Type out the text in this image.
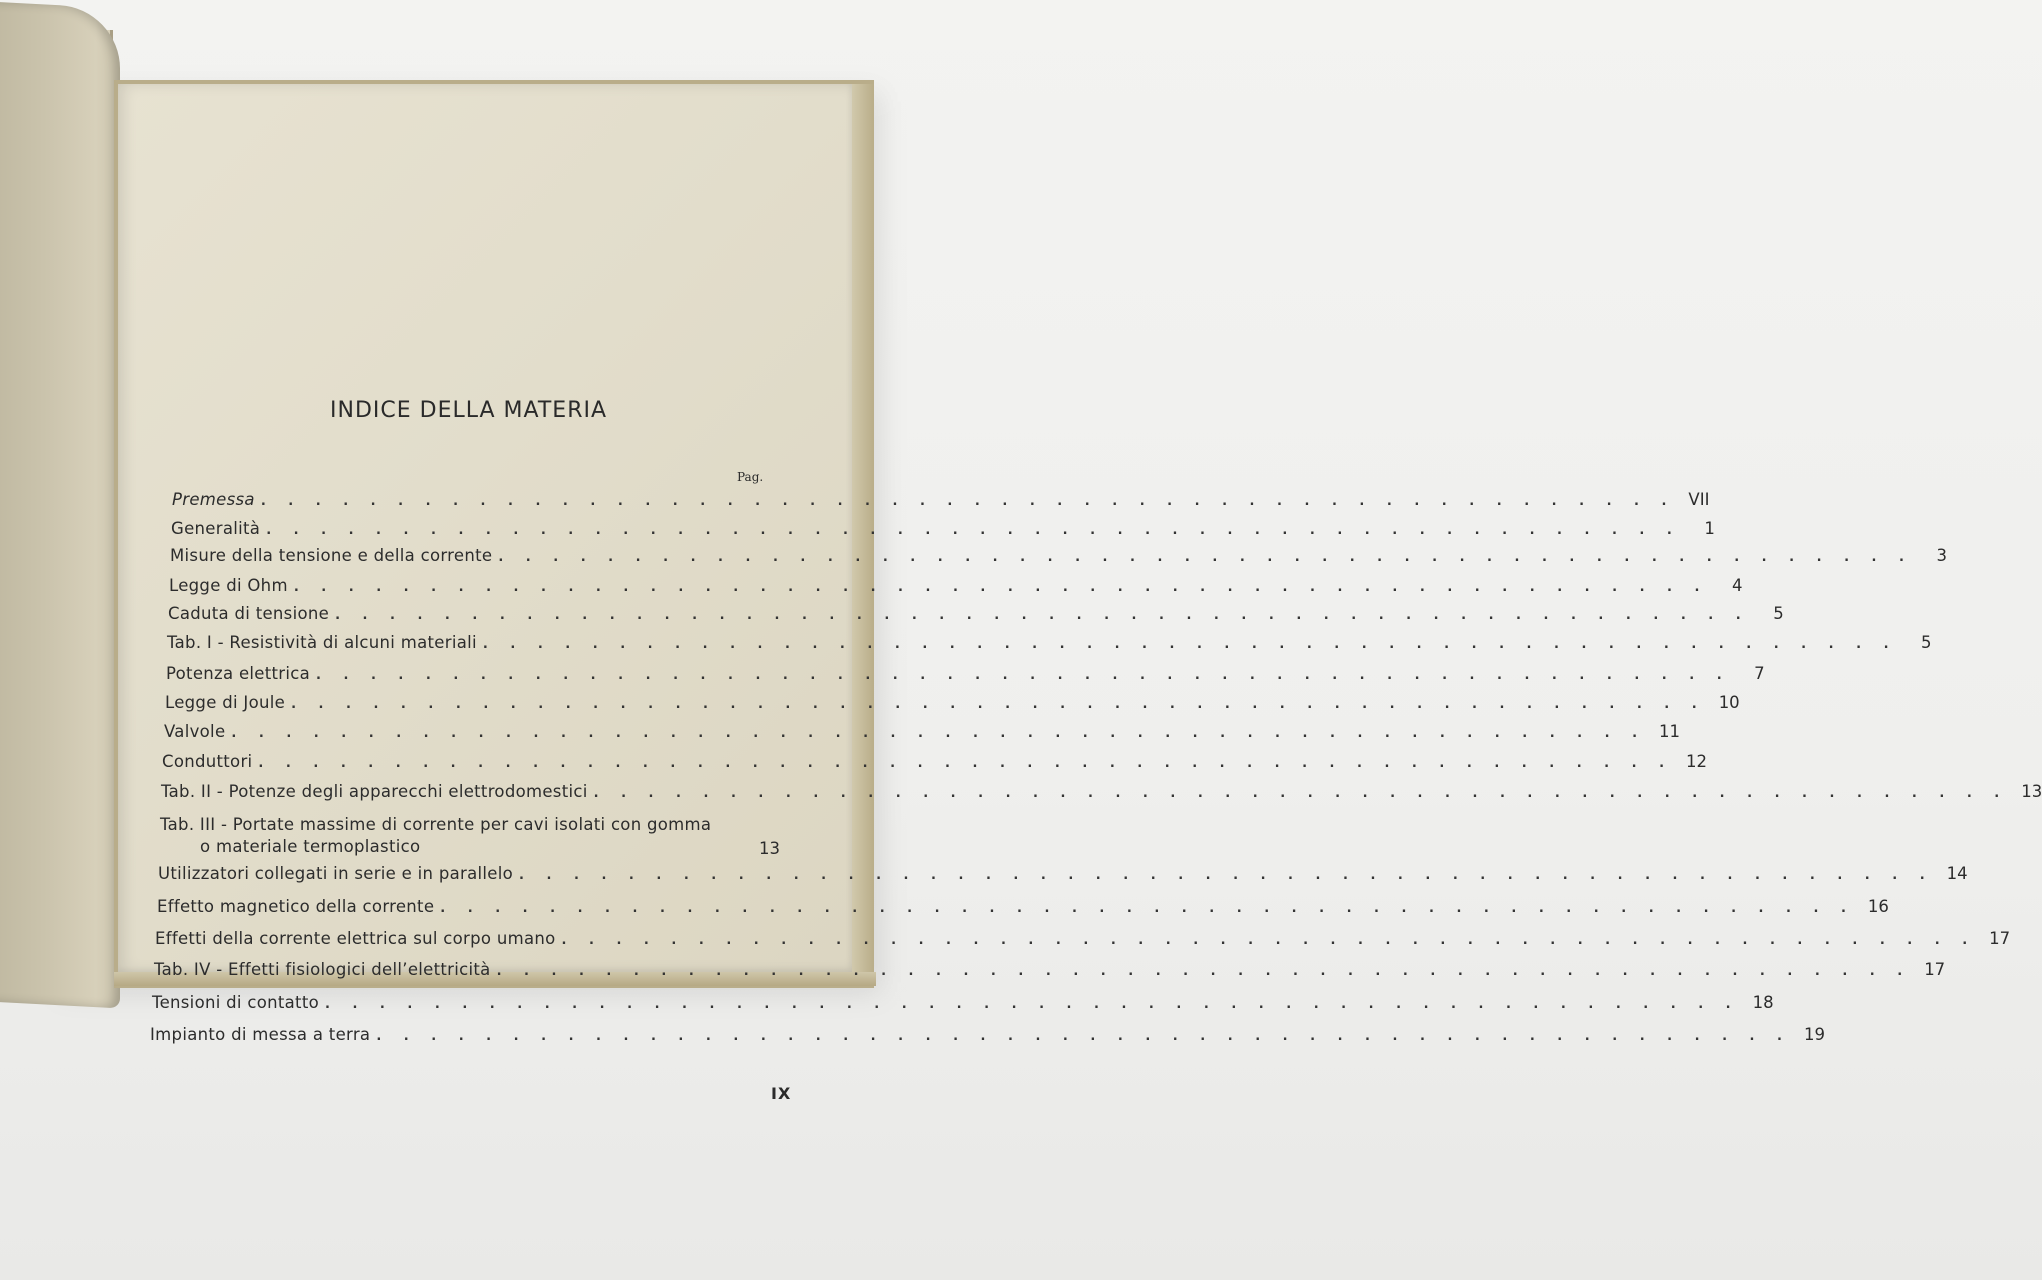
INDICE DELLA MATERIA
Pag.
Premessa . . . . . . . . . . . . . . . . . . . . . . . . . . . . . . . . . . . . . . . . . . . . . . . . . . . . VII
Generalità . . . . . . . . . . . . . . . . . . . . . . . . . . . . . . . . . . . . . . . . . . . . . . . . . . . .	1
Misure della tensione e della corrente . . . . . . . . . . . . . . . . . . . . . . . . . . . . . . . . . . . . . . . . . . . . . . . . . . . .	3
Legge di Ohm . . . . . . . . . . . . . . . . . . . . . . . . . . . . . . . . . . . . . . . . . . . . . . . . . . . .	4
Caduta di tensione . . . . . . . . . . . . . . . . . . . . . . . . . . . . . . . . . . . . . . . . . . . . . . . . . . . .	5
Tab. I - Resistività di alcuni materiali . . . . . . . . . . . . . . . . . . . . . . . . . . . . . . . . . . . . . . . . . . . . . . . . . . . .	5
Potenza elettrica . . . . . . . . . . . . . . . . . . . . . . . . . . . . . . . . . . . . . . . . . . . . . . . . . . . .	7
Legge di Joule . . . . . . . . . . . . . . . . . . . . . . . . . . . . . . . . . . . . . . . . . . . . . . . . . . . . 10
Valvole . . . . . . . . . . . . . . . . . . . . . . . . . . . . . . . . . . . . . . . . . . . . . . . . . . . . 11
Conduttori . . . . . . . . . . . . . . . . . . . . . . . . . . . . . . . . . . . . . . . . . . . . . . . . . . . . 12
Tab. II - Potenze degli apparecchi elettrodomestici . . . . . . . . . . . . . . . . . . . . . . . . . . . . . . . . . . . . . . . . . . . . . . . . . . . . 13
Tab. III - Portate massime di corrente per cavi isolati con gomma
o materiale termoplastico	13
Utilizzatori collegati in serie e in parallelo . . . . . . . . . . . . . . . . . . . . . . . . . . . . . . . . . . . . . . . . . . . . . . . . . . . . 14
Effetto magnetico della corrente . . . . . . . . . . . . . . . . . . . . . . . . . . . . . . . . . . . . . . . . . . . . . . . . . . . . 16
Effetti della corrente elettrica sul corpo umano . . . . . . . . . . . . . . . . . . . . . . . . . . . . . . . . . . . . . . . . . . . . . . . . . . . . 17
Tab. IV - Effetti fisiologici dell’elettricità . . . . . . . . . . . . . . . . . . . . . . . . . . . . . . . . . . . . . . . . . . . . . . . . . . . . 17
Tensioni di contatto . . . . . . . . . . . . . . . . . . . . . . . . . . . . . . . . . . . . . . . . . . . . . . . . . . . . 18
Impianto di messa a terra . . . . . . . . . . . . . . . . . . . . . . . . . . . . . . . . . . . . . . . . . . . . . . . . . . . . 19
IX
